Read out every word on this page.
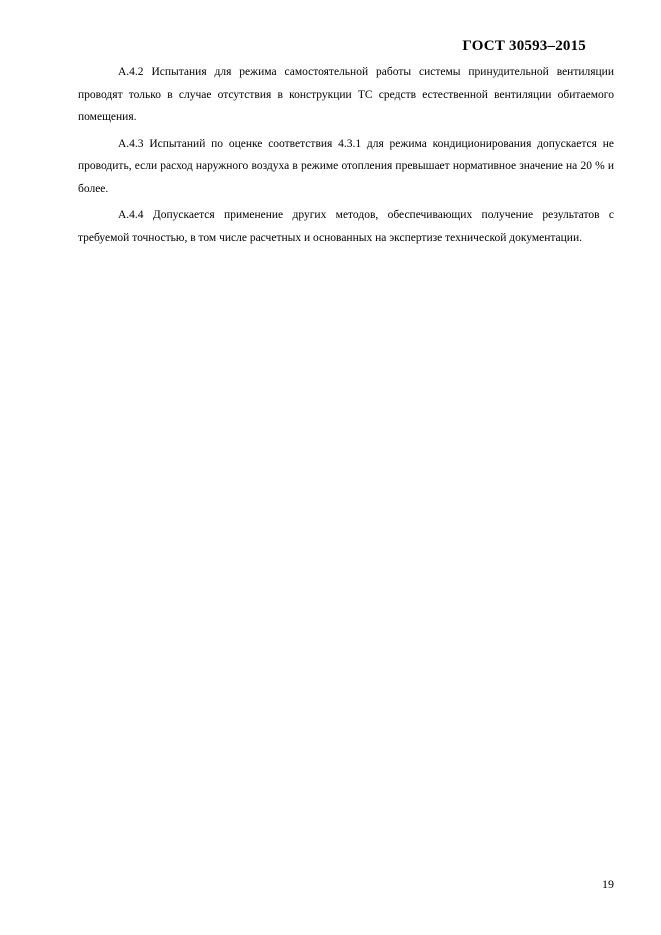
ГОСТ 30593–2015

А.4.2 Испытания для режима самостоятельной работы системы принудительной вентиляции проводят только в случае отсутствия в конструкции ТС средств естественной вентиляции обитаемого помещения.

А.4.3 Испытаний по оценке соответствия 4.3.1 для режима кондиционирования допускается не проводить, если расход наружного воздуха в режиме отопления превышает нормативное значение на 20 % и более.

А.4.4 Допускается применение других методов, обеспечивающих получение результатов с требуемой точностью, в том числе расчетных и основанных на экспертизе технической документации.

19
